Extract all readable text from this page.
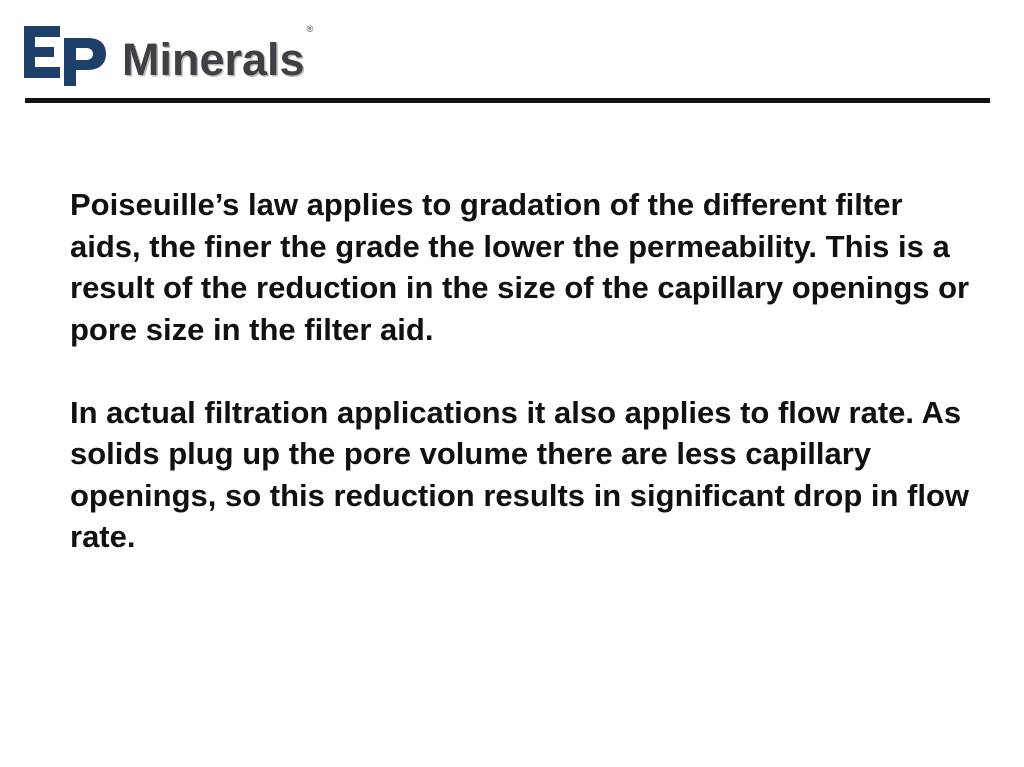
Minerals
®

Poiseuille’s law applies to gradation of the different filter aids, the finer the grade the lower the permeability. This is a result of the reduction in the size of the capillary openings or pore size in the filter aid.

In actual filtration applications it also applies to flow rate. As solids plug up the pore volume there are less capillary openings, so this reduction results in significant drop in flow rate.
